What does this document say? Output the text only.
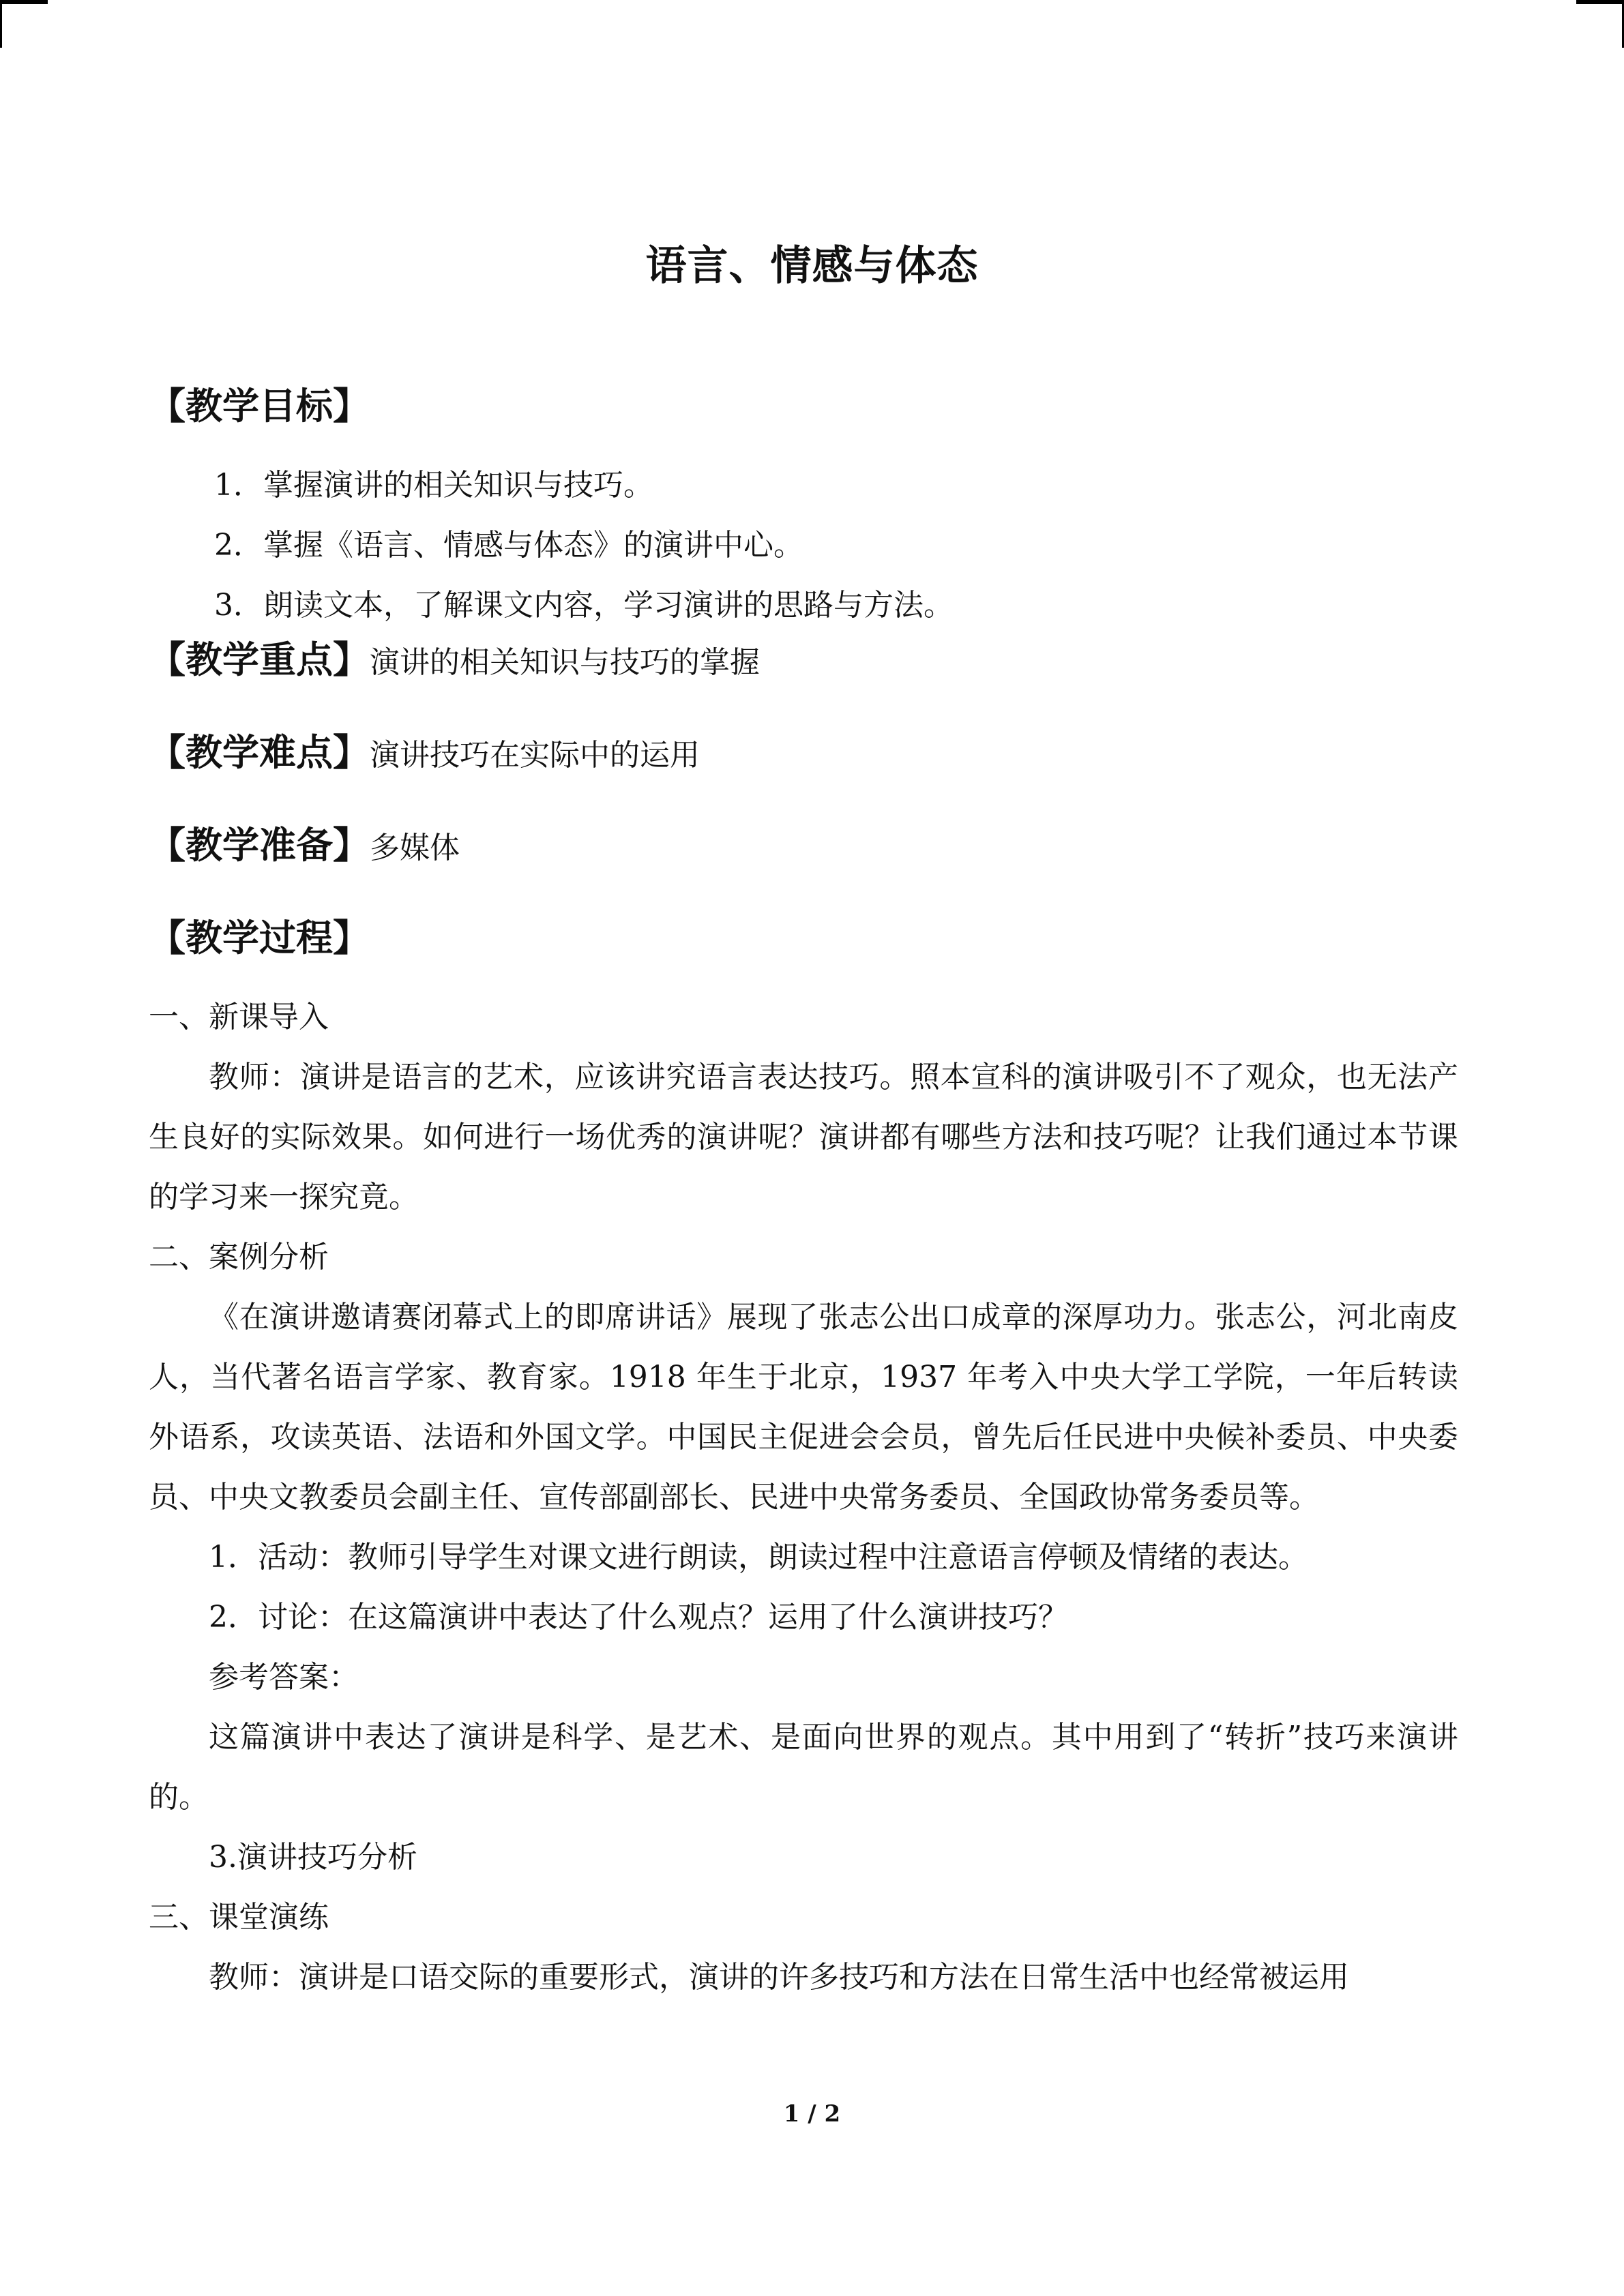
语言、情感与体态
【教学目标】

1．掌握演讲的相关知识与技巧。

2．掌握《语言、情感与体态》的演讲中心。

3．朗读文本，了解课文内容，学习演讲的思路与方法。

【教学重点】演讲的相关知识与技巧的掌握
【教学难点】演讲技巧在实际中的运用
【教学准备】多媒体
【教学过程】

一、新课导入

教师：演讲是语言的艺术，应该讲究语言表达技巧。照本宣科的演讲吸引不了观众，也无法产生良好的实际效果。如何进行一场优秀的演讲呢？演讲都有哪些方法和技巧呢？让我们通过本节课的学习来一探究竟。

二、案例分析

《在演讲邀请赛闭幕式上的即席讲话》展现了张志公出口成章的深厚功力。张志公，河北南皮人，当代著名语言学家、教育家。1918 年生于北京，1937 年考入中央大学工学院，一年后转读外语系，攻读英语、法语和外国文学。中国民主促进会会员，曾先后任民进中央候补委员、中央委员、中央文教委员会副主任、宣传部副部长、民进中央常务委员、全国政协常务委员等。

1．活动：教师引导学生对课文进行朗读，朗读过程中注意语言停顿及情绪的表达。

2．讨论：在这篇演讲中表达了什么观点？运用了什么演讲技巧？

参考答案：

这篇演讲中表达了演讲是科学、是艺术、是面向世界的观点。其中用到了“转折”技巧来演讲的。

3.演讲技巧分析

三、课堂演练

教师：演讲是口语交际的重要形式，演讲的许多技巧和方法在日常生活中也经常被运用

1 / 2
